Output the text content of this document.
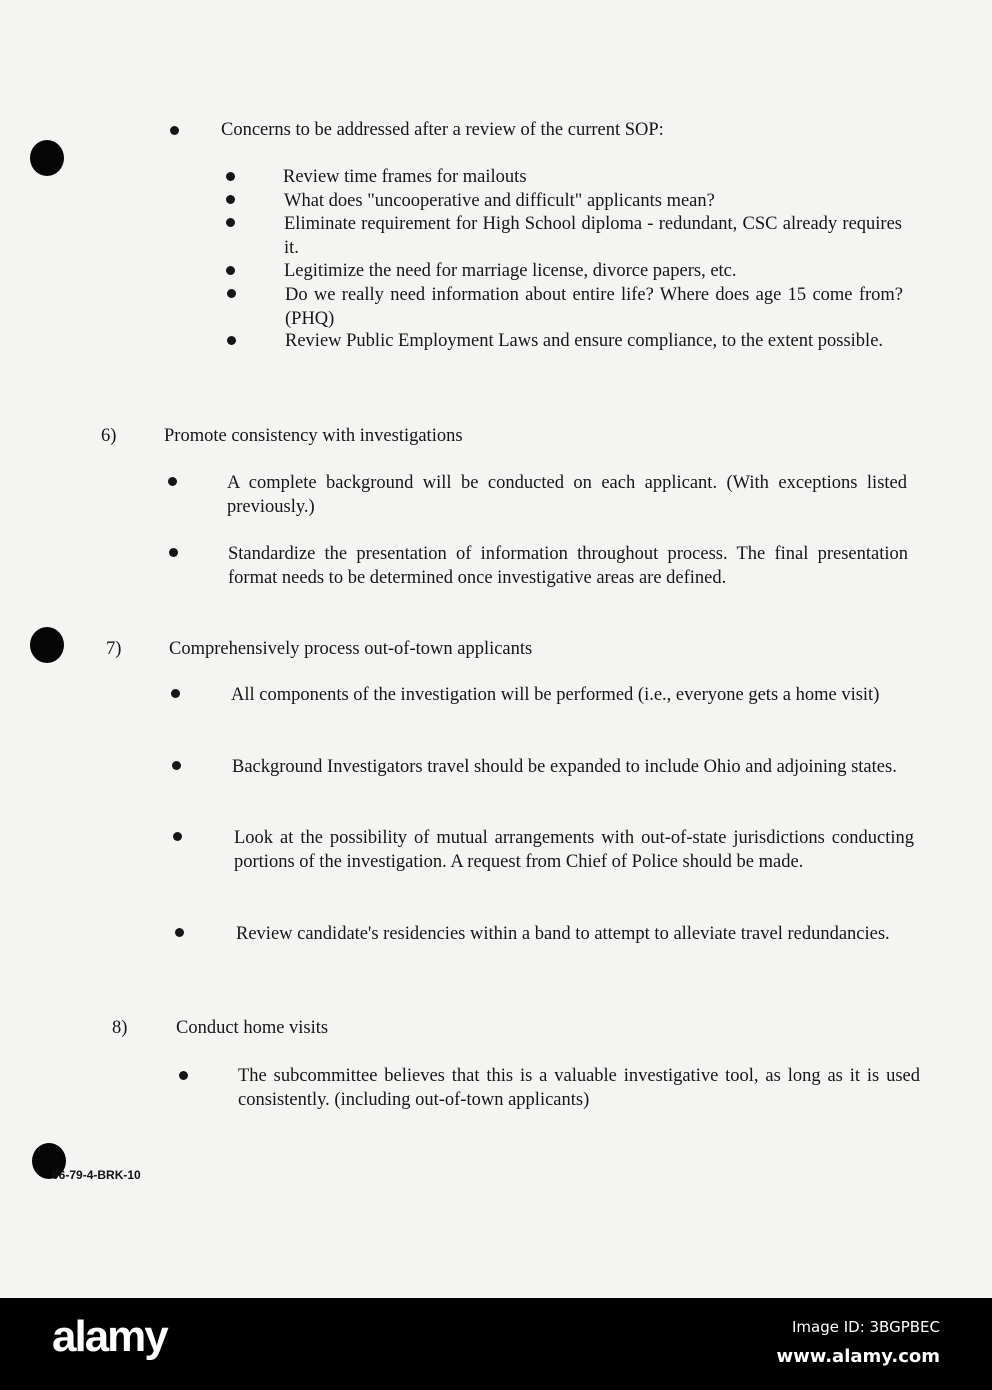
Concerns to be addressed after a review of the current SOP:
Review time frames for mailouts
What does "uncooperative and difficult" applicants mean?
Eliminate requirement for High School diploma - redundant, CSC already requires it.
Legitimize the need for marriage license, divorce papers, etc.
Do we really need information about entire life? Where does age 15 come from? (PHQ)
Review Public Employment Laws and ensure compliance, to the extent possible.
6)	Promote consistency with investigations
A complete background will be conducted on each applicant. (With exceptions listed previously.)
Standardize the presentation of information throughout process. The final presentation format needs to be determined once investigative areas are defined.
7)	Comprehensively process out-of-town applicants
All components of the investigation will be performed (i.e., everyone gets a home visit)
Background Investigators travel should be expanded to include Ohio and adjoining states.
Look at the possibility of mutual arrangements with out-of-state jurisdictions conducting portions of the investigation. A request from Chief of Police should be made.
Review candidate's residencies within a band to attempt to alleviate travel redundancies.
8)	Conduct home visits
The subcommittee believes that this is a valuable investigative tool, as long as it is used consistently. (including out-of-town applicants)
96-79-4-BRK-10
alamy	Image ID: 3BGPBEC
www.alamy.com
